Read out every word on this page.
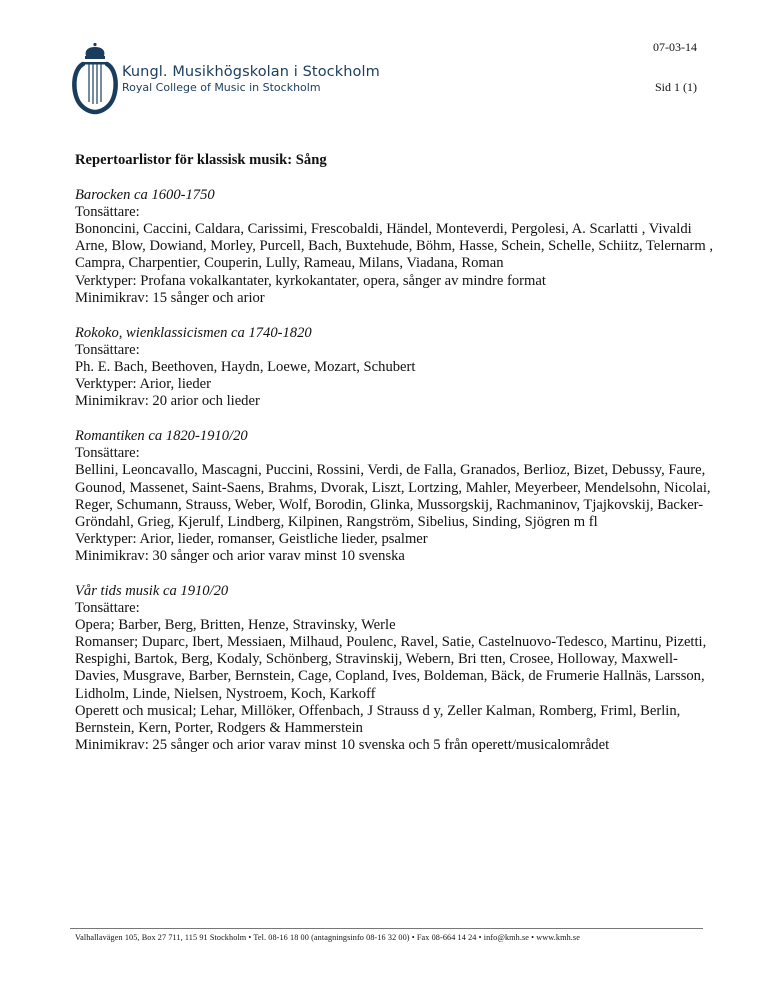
Kungl. Musikhögskolan i Stockholm
Royal College of Music in Stockholm
07-03-14
Sid 1 (1)
Repertoarlistor för klassisk musik: Sång
Barocken ca 1600-1750

Tonsättare:

Bononcini, Caccini, Caldara, Carissimi, Frescobaldi, Händel, Monteverdi, Pergolesi, A. Scarlatti , Vivaldi

Arne, Blow, Dowiand, Morley, Purcell, Bach, Buxtehude, Böhm, Hasse, Schein, Schelle, Schiitz, Telernarm , Campra, Charpentier, Couperin, Lully, Rameau, Milans, Viadana, Roman

Verktyper: Profana vokalkantater, kyrkokantater, opera, sånger av mindre format

Minimikrav: 15 sånger och arior

Rokoko, wienklassicismen ca 1740-1820

Tonsättare:

Ph. E. Bach, Beethoven, Haydn, Loewe, Mozart, Schubert

Verktyper: Arior, lieder

Minimikrav: 20 arior och lieder

Romantiken ca 1820-1910/20

Tonsättare:

Bellini, Leoncavallo, Mascagni, Puccini, Rossini, Verdi, de Falla, Granados, Berlioz, Bizet, Debussy, Faure, Gounod, Massenet, Saint-Saens, Brahms, Dvorak, Liszt, Lortzing, Mahler, Meyerbeer, Mendelsohn, Nicolai, Reger, Schumann, Strauss, Weber, Wolf, Borodin, Glinka, Mussorgskij, Rachmaninov, Tjajkovskij, Backer-Gröndahl, Grieg, Kjerulf, Lindberg, Kilpinen, Rangström, Sibelius, Sinding, Sjögren m fl

Verktyper: Arior, lieder, romanser, Geistliche lieder, psalmer

Minimikrav: 30 sånger och arior varav minst 10 svenska

Vår tids musik ca 1910/20

Tonsättare:

Opera; Barber, Berg, Britten, Henze, Stravinsky, Werle

Romanser; Duparc, Ibert, Messiaen, Milhaud, Poulenc, Ravel, Satie, Castelnuovo-Tedesco, Martinu, Pizetti, Respighi, Bartok, Berg, Kodaly, Schönberg, Stravinskij, Webern, Bri tten, Crosee, Holloway, Maxwell-Davies, Musgrave, Barber, Bernstein, Cage, Copland, Ives, Boldeman, Bäck, de Frumerie Hallnäs, Larsson, Lidholm, Linde, Nielsen, Nystroem, Koch, Karkoff

Operett och musical; Lehar, Millöker, Offenbach, J Strauss d y, Zeller Kalman, Romberg, Friml, Berlin, Bernstein, Kern, Porter, Rodgers & Hammerstein

Minimikrav: 25 sånger och arior varav minst 10 svenska och 5 från operett/musicalområdet

Valhallavägen 105, Box 27 711, 115 91 Stockholm • Tel. 08-16 18 00 (antagningsinfo 08-16 32 00) • Fax 08-664 14 24 • info@kmh.se • www.kmh.se
